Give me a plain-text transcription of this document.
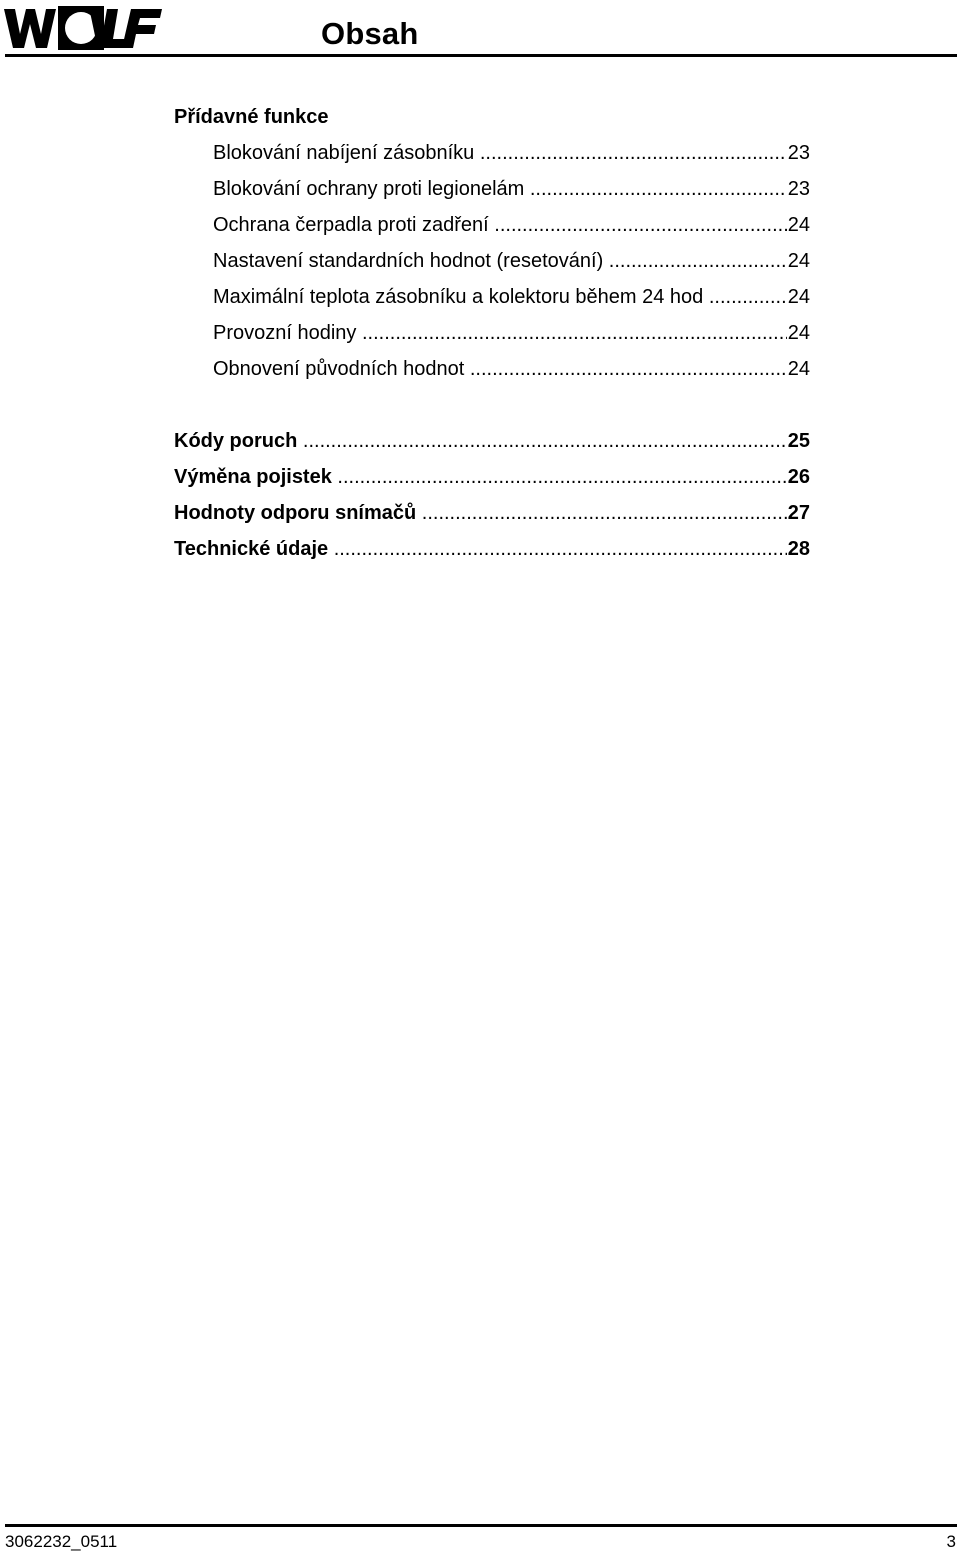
Obsah
Přídavné funkce
Blokování nabíjení zásobníku .....	23
Blokování ochrany proti legionelám .....	23
Ochrana čerpadla proti zadření .....	24
Nastavení standardních hodnot (resetování) .....	24
Maximální teplota zásobníku a kolektoru během 24 hod .....	24
Provozní hodiny .....	24
Obnovení původních hodnot .....	24
Kódy poruch .....	25
Výměna pojistek .....	26
Hodnoty odporu snímačů .....	27
Technické údaje .....	28
3062232_0511	3
